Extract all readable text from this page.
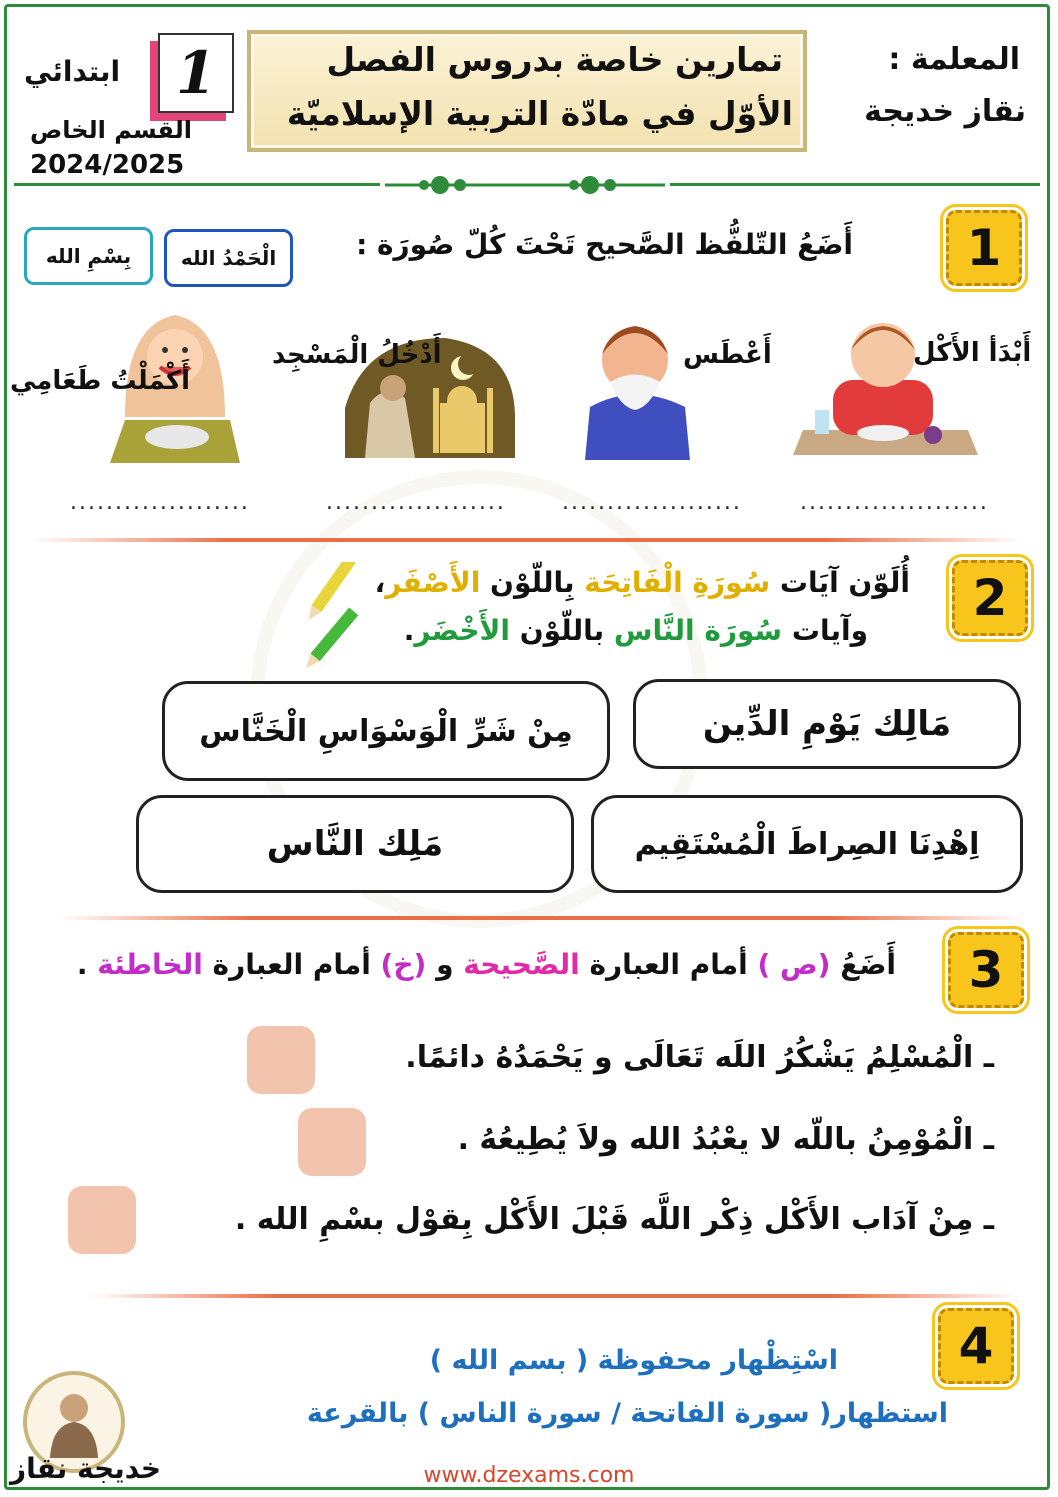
المعلمة :
نقاز خديجة
تمارين خاصة بدروس الفصل
الأوّل في مادّة التربية الإسلاميّة
1
ابتدائي
القسم الخاص
2024/2025
1
أَضَعُ التّلفُّظ الصَّحيح تَحْتَ كُلّ صُورَة :
الْحَمْدُ الله
بِسْمِ الله
أَبْدَأ الأَكْل
.....................
أَعْطَس
....................
أَدْخُلُ الْمَسْجِد
....................
أَكْمَلْتُ طَعَامِي
....................
2
أُلَوّن آيَات سُورَةِ الْفَاتِحَة بِاللّوْن الأَصْفَر،
وآيات سُورَة النَّاس باللّوْن الأَخْضَر.
مَالِك يَوْمِ الدِّين
مِنْ شَرِّ الْوَسْوَاسِ الْخَنَّاس
اِهْدِنَا الصِراطَ الْمُسْتَقِيم
مَلِك النَّاس
3
أَضَعُ (ص ) أمام العبارة الصَّحيحة و (خ) أمام العبارة الخاطئة .
ـ الْمُسْلِمُ يَشْكُرُ اللَه تَعَالَى و يَحْمَدُهُ دائمًا.
ـ الْمُوْمِنُ باللّه لا يعْبُدُ الله ولاَ يُطِيعُهُ .
ـ مِنْ آدَاب الأَكْل ذِكْر اللَّه قَبْلَ الأَكْل بِقوْل بسْمِ الله .
4
اسْتِظْهار محفوظة ( بسم الله )
استظهار( سورة الفاتحة / سورة الناس ) بالقرعة
خديجة نقاز	www.dzexams.com
